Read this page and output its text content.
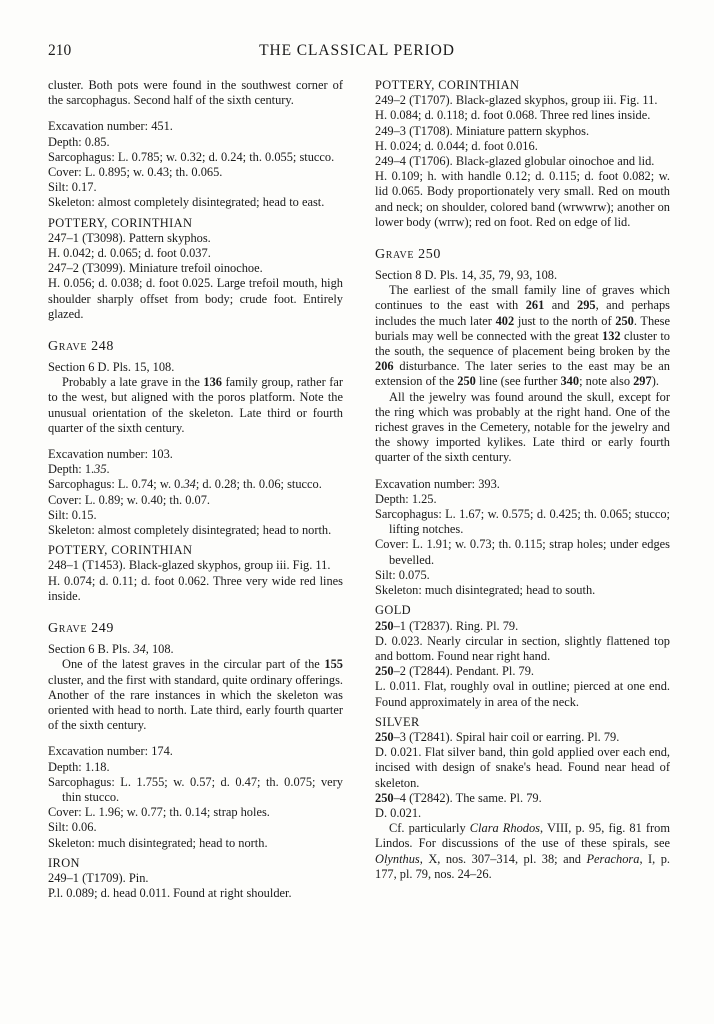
THE CLASSICAL PERIOD
210

cluster. Both pots were found in the southwest corner of the sarcophagus. Second half of the sixth century.

Excavation number: 451.

Depth: 0.85.

Sarcophagus: L. 0.785; w. 0.32; d. 0.24; th. 0.055; stucco.

Cover: L. 0.895; w. 0.43; th. 0.065.

Silt: 0.17.

Skeleton: almost completely disintegrated; head to east.

POTTERY, CORINTHIAN

247–1 (T3098). Pattern skyphos.

H. 0.042; d. 0.065; d. foot 0.037.

247–2 (T3099). Miniature trefoil oinochoe.

H. 0.056; d. 0.038; d. foot 0.025. Large trefoil mouth, high shoulder sharply offset from body; crude foot. Entirely glazed.

Grave 248

Section 6 D. Pls. 15, 108.

Probably a late grave in the 136 family group, rather far to the west, but aligned with the poros platform. Note the unusual orientation of the skeleton. Late third or fourth quarter of the sixth century.

Excavation number: 103.

Depth: 1.35.

Sarcophagus: L. 0.74; w. 0.34; d. 0.28; th. 0.06; stucco.

Cover: L. 0.89; w. 0.40; th. 0.07.

Silt: 0.15.

Skeleton: almost completely disintegrated; head to north.

POTTERY, CORINTHIAN

248–1 (T1453). Black-glazed skyphos, group iii. Fig. 11.

H. 0.074; d. 0.11; d. foot 0.062. Three very wide red lines inside.

Grave 249

Section 6 B. Pls. 34, 108.

One of the latest graves in the circular part of the 155 cluster, and the first with standard, quite ordinary offerings. Another of the rare instances in which the skeleton was oriented with head to north. Late third, early fourth quarter of the sixth century.

Excavation number: 174.

Depth: 1.18.

Sarcophagus: L. 1.755; w. 0.57; d. 0.47; th. 0.075; very thin stucco.

Cover: L. 1.96; w. 0.77; th. 0.14; strap holes.

Silt: 0.06.

Skeleton: much disintegrated; head to north.

IRON

249–1 (T1709). Pin.

P.l. 0.089; d. head 0.011. Found at right shoulder.

POTTERY, CORINTHIAN

249–2 (T1707). Black-glazed skyphos, group iii. Fig. 11.

H. 0.084; d. 0.118; d. foot 0.068. Three red lines inside.

249–3 (T1708). Miniature pattern skyphos.

H. 0.024; d. 0.044; d. foot 0.016.

249–4 (T1706). Black-glazed globular oinochoe and lid.

H. 0.109; h. with handle 0.12; d. 0.115; d. foot 0.082; w. lid 0.065. Body proportionately very small. Red on mouth and neck; on shoulder, colored band (wrwwrw); another on lower body (wrrw); red on foot. Red on edge of lid.

Grave 250

Section 8 D. Pls. 14, 35, 79, 93, 108.

The earliest of the small family line of graves which continues to the east with 261 and 295, and perhaps includes the much later 402 just to the north of 250. These burials may well be connected with the great 132 cluster to the south, the sequence of placement being broken by the 206 disturbance. The later series to the east may be an extension of the 250 line (see further 340; note also 297).

All the jewelry was found around the skull, except for the ring which was probably at the right hand. One of the richest graves in the Cemetery, notable for the jewelry and the showy imported kylikes. Late third or early fourth quarter of the sixth century.

Excavation number: 393.

Depth: 1.25.

Sarcophagus: L. 1.67; w. 0.575; d. 0.425; th. 0.065; stucco; lifting notches.

Cover: L. 1.91; w. 0.73; th. 0.115; strap holes; under edges bevelled.

Silt: 0.075.

Skeleton: much disintegrated; head to south.

GOLD

250–1 (T2837). Ring. Pl. 79.

D. 0.023. Nearly circular in section, slightly flattened top and bottom. Found near right hand.

250–2 (T2844). Pendant. Pl. 79.

L. 0.011. Flat, roughly oval in outline; pierced at one end. Found approximately in area of the neck.

SILVER

250–3 (T2841). Spiral hair coil or earring. Pl. 79.

D. 0.021. Flat silver band, thin gold applied over each end, incised with design of snake's head. Found near head of skeleton.

250–4 (T2842). The same. Pl. 79.

D. 0.021.

Cf. particularly Clara Rhodos, VIII, p. 95, fig. 81 from Lindos. For discussions of the use of these spirals, see Olynthus, X, nos. 307–314, pl. 38; and Perachora, I, p. 177, pl. 79, nos. 24–26.
